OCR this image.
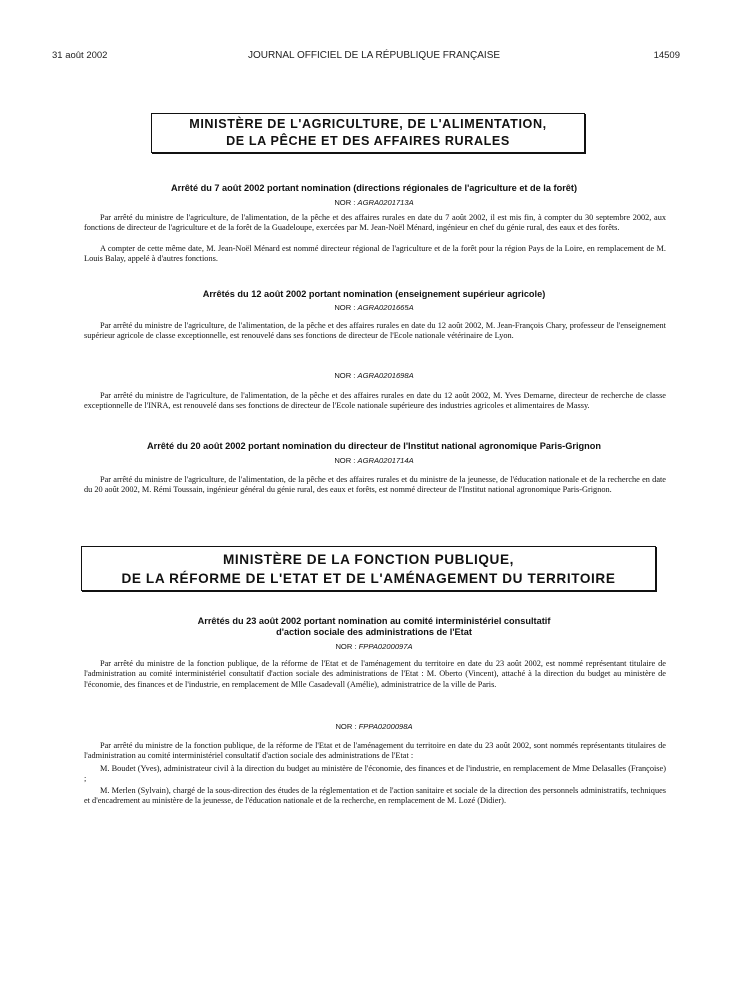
31 août 2002	JOURNAL OFFICIEL DE LA RÉPUBLIQUE FRANÇAISE	14509
MINISTÈRE DE L'AGRICULTURE, DE L'ALIMENTATION,
DE LA PÊCHE ET DES AFFAIRES RURALES
Arrêté du 7 août 2002 portant nomination (directions régionales de l'agriculture et de la forêt)
NOR : AGRA0201713A

Par arrêté du ministre de l'agriculture, de l'alimentation, de la pêche et des affaires rurales en date du 7 août 2002, il est mis fin, à compter du 30 septembre 2002, aux fonctions de directeur de l'agriculture et de la forêt de la Guadeloupe, exercées par M. Jean-Noël Ménard, ingénieur en chef du génie rural, des eaux et des forêts.

A compter de cette même date, M. Jean-Noël Ménard est nommé directeur régional de l'agriculture et de la forêt pour la région Pays de la Loire, en remplacement de M. Louis Balay, appelé à d'autres fonctions.

Arrêtés du 12 août 2002 portant nomination (enseignement supérieur agricole)
NOR : AGRA0201665A

Par arrêté du ministre de l'agriculture, de l'alimentation, de la pêche et des affaires rurales en date du 12 août 2002, M. Jean-François Chary, professeur de l'enseignement supérieur agricole de classe exceptionnelle, est renouvelé dans ses fonctions de directeur de l'Ecole nationale vétérinaire de Lyon.

NOR : AGRA0201698A

Par arrêté du ministre de l'agriculture, de l'alimentation, de la pêche et des affaires rurales en date du 12 août 2002, M. Yves Demarne, directeur de recherche de classe exceptionnelle de l'INRA, est renouvelé dans ses fonctions de directeur de l'Ecole nationale supérieure des industries agricoles et alimentaires de Massy.

Arrêté du 20 août 2002 portant nomination du directeur de l'Institut national agronomique Paris-Grignon
NOR : AGRA0201714A

Par arrêté du ministre de l'agriculture, de l'alimentation, de la pêche et des affaires rurales et du ministre de la jeunesse, de l'éducation nationale et de la recherche en date du 20 août 2002, M. Rémi Toussain, ingénieur général du génie rural, des eaux et forêts, est nommé directeur de l'Institut national agronomique Paris-Grignon.

MINISTÈRE DE LA FONCTION PUBLIQUE,
DE LA RÉFORME DE L'ETAT ET DE L'AMÉNAGEMENT DU TERRITOIRE
Arrêtés du 23 août 2002 portant nomination au comité interministériel consultatif
d'action sociale des administrations de l'Etat
NOR : FPPA0200097A

Par arrêté du ministre de la fonction publique, de la réforme de l'Etat et de l'aménagement du territoire en date du 23 août 2002, est nommé représentant titulaire de l'administration au comité interministériel consultatif d'action sociale des administrations de l'Etat : M. Oberto (Vincent), attaché à la direction du budget au ministère de l'économie, des finances et de l'industrie, en remplacement de Mlle Casadevall (Amélie), administratrice de la ville de Paris.

NOR : FPPA0200098A

Par arrêté du ministre de la fonction publique, de la réforme de l'Etat et de l'aménagement du territoire en date du 23 août 2002, sont nommés représentants titulaires de l'administration au comité interministériel consultatif d'action sociale des administrations de l'Etat :

M. Boudet (Yves), administrateur civil à la direction du budget au ministère de l'économie, des finances et de l'industrie, en remplacement de Mme Delasalles (Françoise) ;

M. Merlen (Sylvain), chargé de la sous-direction des études de la réglementation et de l'action sanitaire et sociale de la direction des personnels administratifs, techniques et d'encadrement au ministère de la jeunesse, de l'éducation nationale et de la recherche, en remplacement de M. Lozé (Didier).
